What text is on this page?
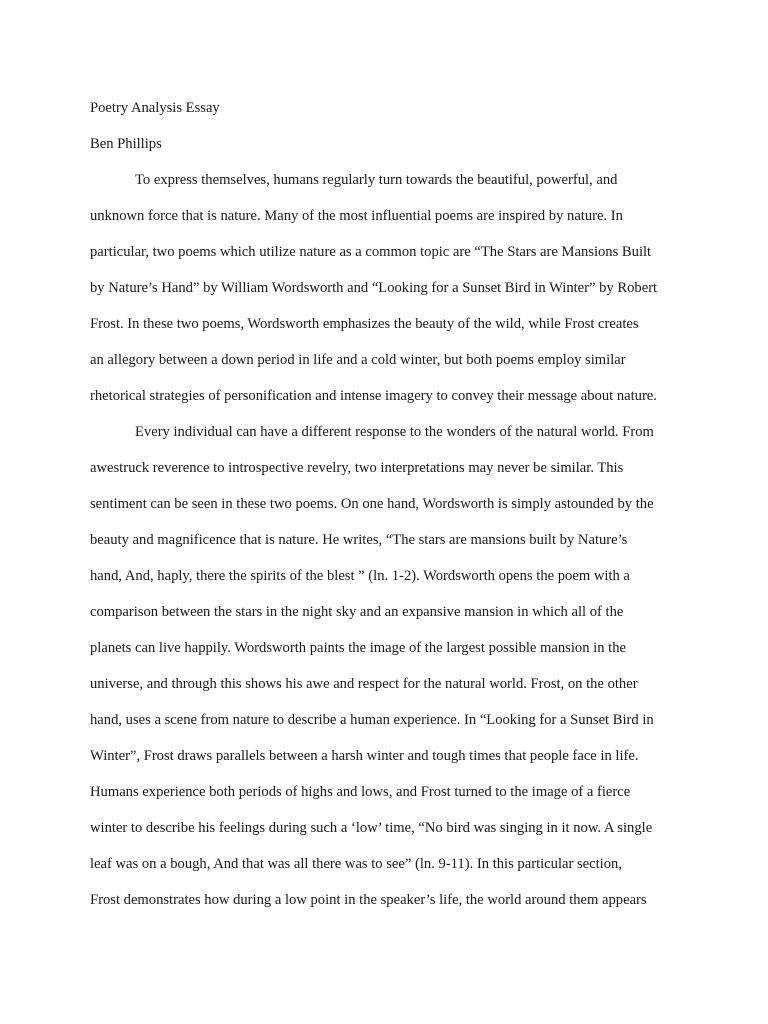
Poetry Analysis Essay
Ben Phillips
To express themselves, humans regularly turn towards the beautiful, powerful, and
unknown force that is nature. Many of the most influential poems are inspired by nature. In
particular, two poems which utilize nature as a common topic are “The Stars are Mansions Built
by Nature’s Hand” by William Wordsworth and “Looking for a Sunset Bird in Winter” by Robert
Frost. In these two poems, Wordsworth emphasizes the beauty of the wild, while Frost creates
an allegory between a down period in life and a cold winter, but both poems employ similar
rhetorical strategies of personification and intense imagery to convey their message about nature.
Every individual can have a different response to the wonders of the natural world. From
awestruck reverence to introspective revelry, two interpretations may never be similar. This
sentiment can be seen in these two poems. On one hand, Wordsworth is simply astounded by the
beauty and magnificence that is nature. He writes, “The stars are mansions built by Nature’s
hand, And, haply, there the spirits of the blest ” (ln. 1-2). Wordsworth opens the poem with a
comparison between the stars in the night sky and an expansive mansion in which all of the
planets can live happily. Wordsworth paints the image of the largest possible mansion in the
universe, and through this shows his awe and respect for the natural world. Frost, on the other
hand, uses a scene from nature to describe a human experience. In “Looking for a Sunset Bird in
Winter”, Frost draws parallels between a harsh winter and tough times that people face in life.
Humans experience both periods of highs and lows, and Frost turned to the image of a fierce
winter to describe his feelings during such a ‘low’ time, “No bird was singing in it now. A single
leaf was on a bough, And that was all there was to see” (ln. 9-11). In this particular section,
Frost demonstrates how during a low point in the speaker’s life, the world around them appears
